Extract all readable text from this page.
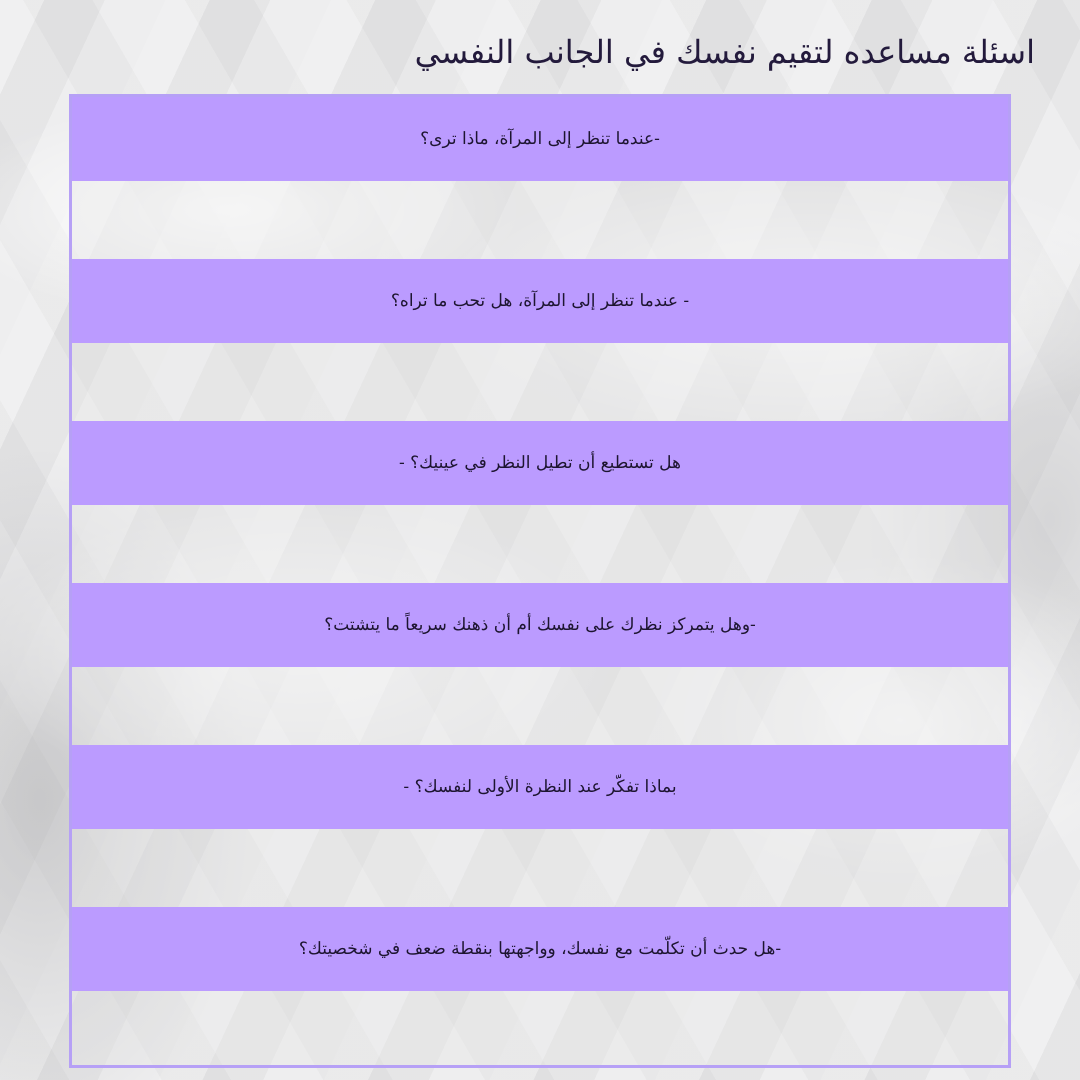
اسئلة مساعده لتقيم نفسك في الجانب النفسي
-عندما تنظر إلى المرآة، ماذا ترى؟
- عندما تنظر إلى المرآة، هل تحب ما تراه؟
هل تستطيع أن تطيل النظر في عينيك؟ -
-وهل يتمركز نظرك على نفسك أم أن ذهنك سريعاً ما يتشتت؟
بماذا تفكّر عند النظرة الأولى لنفسك؟ -
-هل حدث أن تكلّمت مع نفسك، وواجهتها بنقطة ضعف في شخصيتك؟
